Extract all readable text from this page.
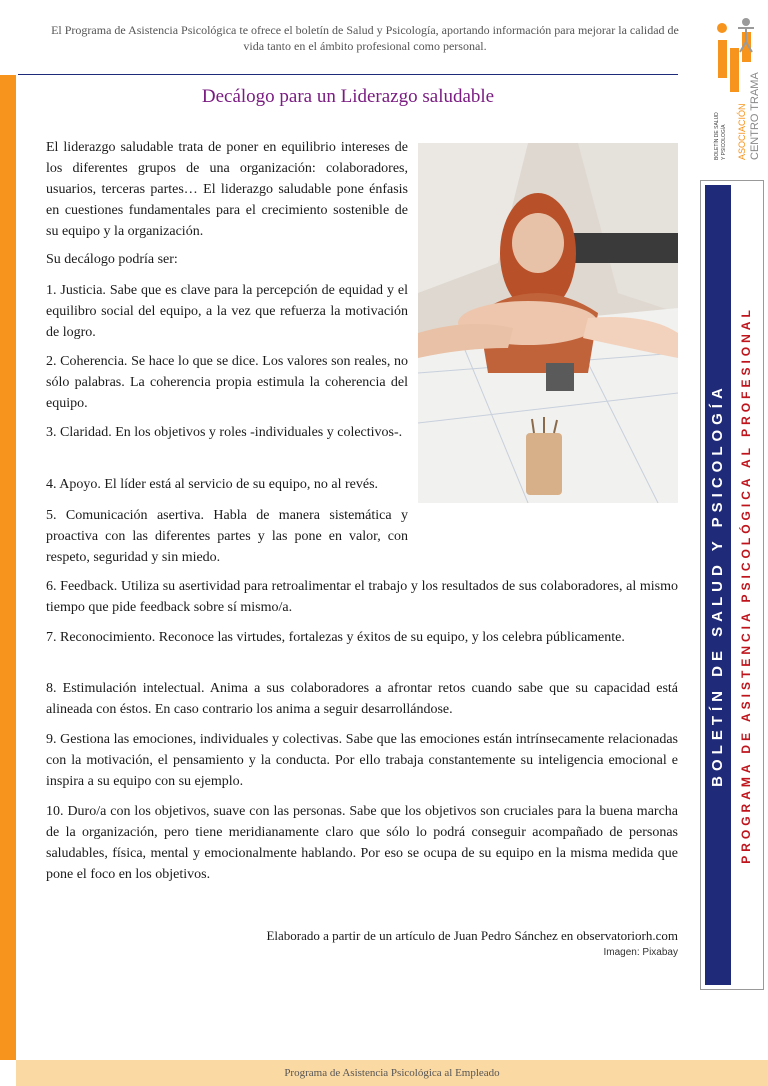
El Programa de Asistencia Psicológica te ofrece el boletín de Salud y Psicología, aportando información para mejorar la calidad de vida tanto en el ámbito profesional como personal.
BOLETÍN DE SALUD Y PSICOLOGÍA ASOCIACIÓN CENTRO TRAMA
Decálogo para un Liderazgo saludable

El liderazgo saludable trata de poner en equilibrio intereses de los diferentes grupos de una organización: colaboradores, usuarios, terceras partes… El liderazgo saludable pone énfasis en cuestiones fundamentales para el crecimiento sostenible de su equipo y la organización.

Su decálogo podría ser:

1. Justicia. Sabe que es clave para la percepción de equidad y el equilibro social del equipo, a la vez que refuerza la motivación de logro.

2. Coherencia. Se hace lo que se dice. Los valores son reales, no sólo palabras. La coherencia propia estimula la coherencia del equipo.

3. Claridad. En los objetivos y roles -individuales y colectivos-.

4. Apoyo. El líder está al servicio de su equipo, no al revés.

5. Comunicación asertiva. Habla de manera sistemática y proactiva con las diferentes partes y las pone en valor, con respeto, seguridad y sin miedo.

6. Feedback. Utiliza su asertividad para retroalimentar el trabajo y los resultados de sus colaboradores, al mismo tiempo que pide feedback sobre sí mismo/a.

7. Reconocimiento. Reconoce las virtudes, fortalezas y éxitos de su equipo, y los celebra públicamente.

8. Estimulación intelectual. Anima a sus colaboradores a afrontar retos cuando sabe que su capacidad está alineada con éstos. En caso contrario los anima a seguir desarrollándose.

9. Gestiona las emociones, individuales y colectivas. Sabe que las emociones están intrínsecamente relacionadas con la motivación, el pensamiento y la conducta. Por ello trabaja constantemente su inteligencia emocional e inspira a su equipo con su ejemplo.

10. Duro/a con los objetivos, suave con las personas. Sabe que los objetivos son cruciales para la buena marcha de la organización, pero tiene meridianamente claro que sólo lo podrá conseguir acompañado de personas saludables, física, mental y emocionalmente hablando. Por eso se ocupa de su equipo en la misma medida que pone el foco en los objetivos.

Elaborado a partir de un artículo de Juan Pedro Sánchez en observatoriorh.com
Imagen: Pixabay
BOLETÍN DE SALUD Y PSICOLOGÍA	PROGRAMA DE ASISTENCIA PSICOLÓGICA AL PROFESIONAL
Programa de Asistencia Psicológica al Empleado
